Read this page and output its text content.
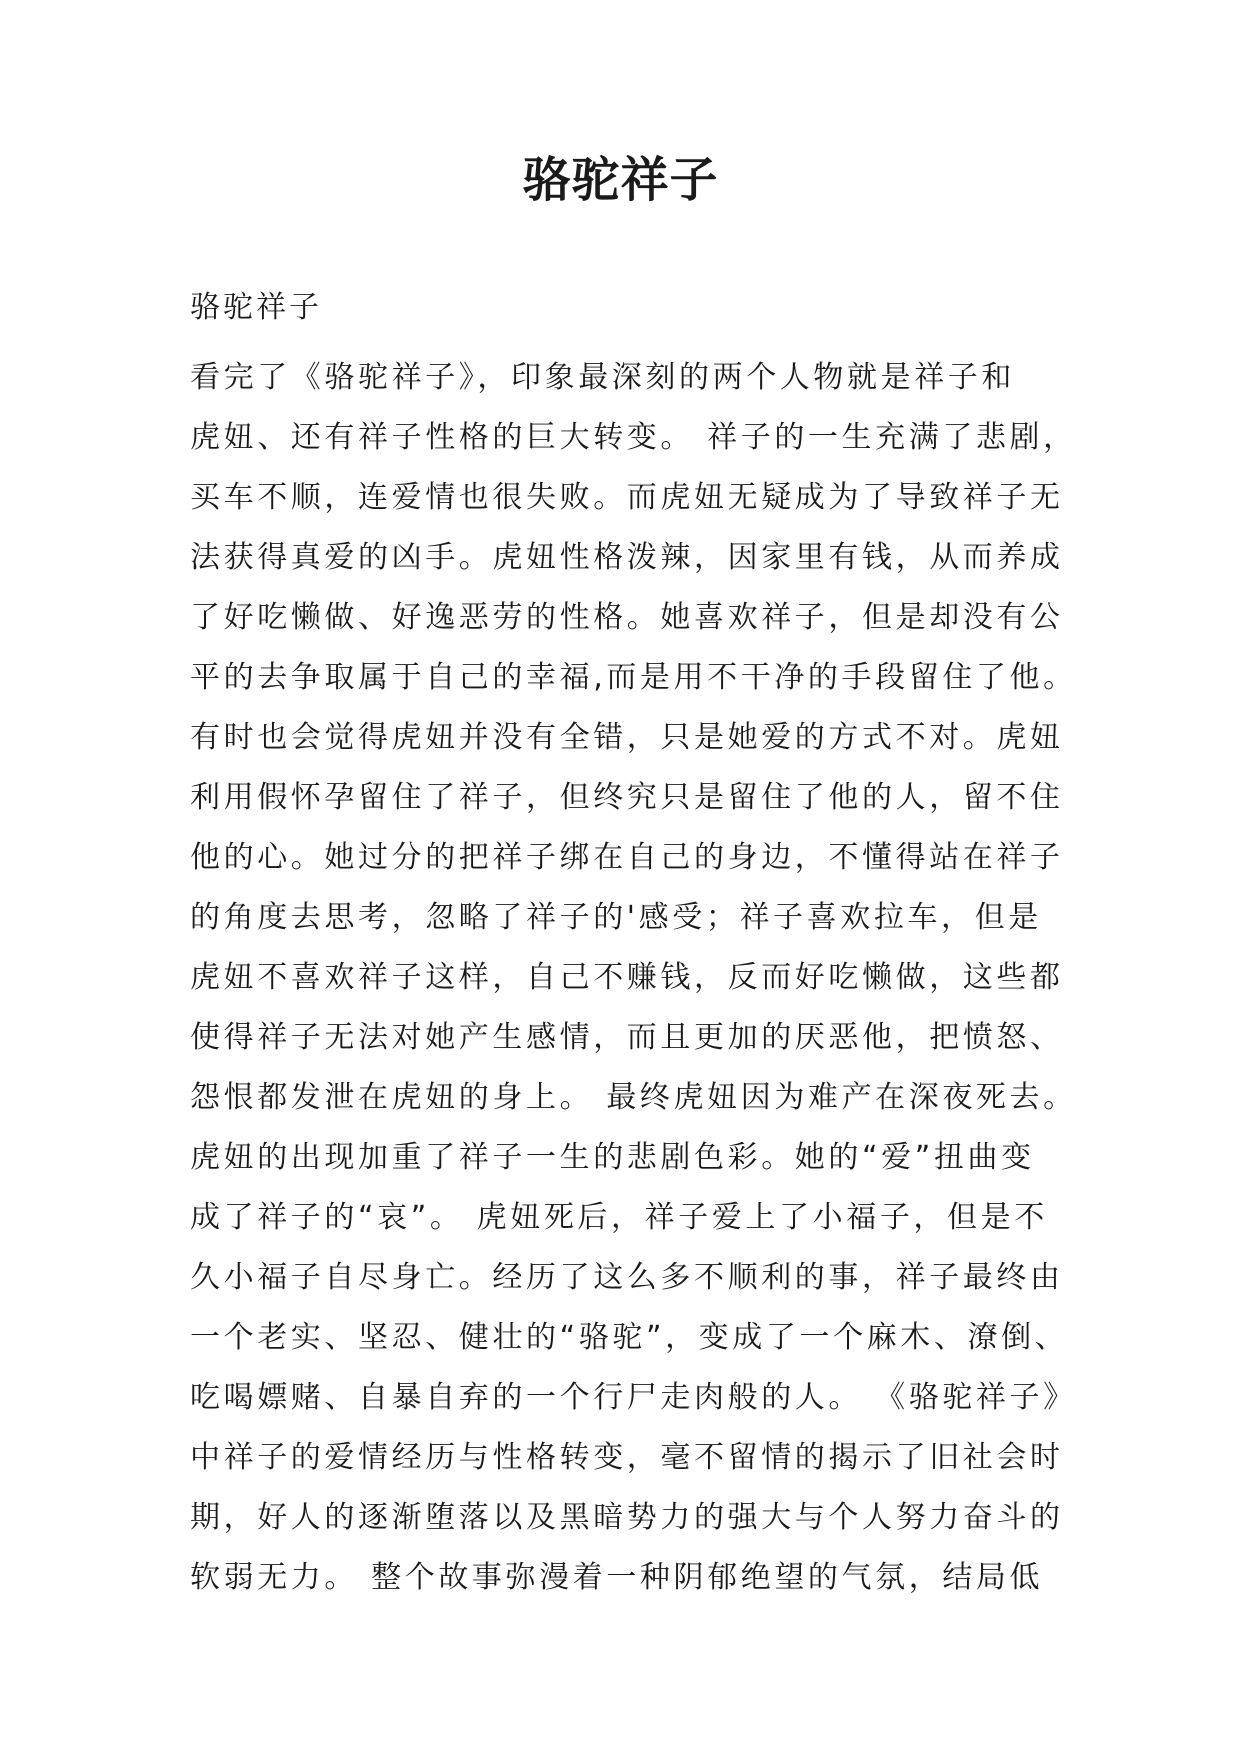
骆驼祥子

骆驼祥子

看完了《骆驼祥子》，印象最深刻的两个人物就是祥子和
虎妞、还有祥子性格的巨大转变。 祥子的一生充满了悲剧，
买车不顺，连爱情也很失败。而虎妞无疑成为了导致祥子无
法获得真爱的凶手。虎妞性格泼辣，因家里有钱，从而养成
了好吃懒做、好逸恶劳的性格。她喜欢祥子，但是却没有公
平的去争取属于自己的幸福,而是用不干净的手段留住了他。
有时也会觉得虎妞并没有全错，只是她爱的方式不对。虎妞
利用假怀孕留住了祥子，但终究只是留住了他的人，留不住
他的心。她过分的把祥子绑在自己的身边，不懂得站在祥子
的角度去思考，忽略了祥子的'感受；祥子喜欢拉车，但是
虎妞不喜欢祥子这样，自己不赚钱，反而好吃懒做，这些都
使得祥子无法对她产生感情，而且更加的厌恶他，把愤怒、
怨恨都发泄在虎妞的身上。 最终虎妞因为难产在深夜死去。
虎妞的出现加重了祥子一生的悲剧色彩。她的“爱”扭曲变
成了祥子的“哀”。 虎妞死后，祥子爱上了小福子，但是不
久小福子自尽身亡。经历了这么多不顺利的事，祥子最终由
一个老实、坚忍、健壮的“骆驼”，变成了一个麻木、潦倒、
吃喝嫖赌、自暴自弃的一个行尸走肉般的人。 《骆驼祥子》
中祥子的爱情经历与性格转变，毫不留情的揭示了旧社会时
期，好人的逐渐堕落以及黑暗势力的强大与个人努力奋斗的
软弱无力。 整个故事弥漫着一种阴郁绝望的气氛，结局低
